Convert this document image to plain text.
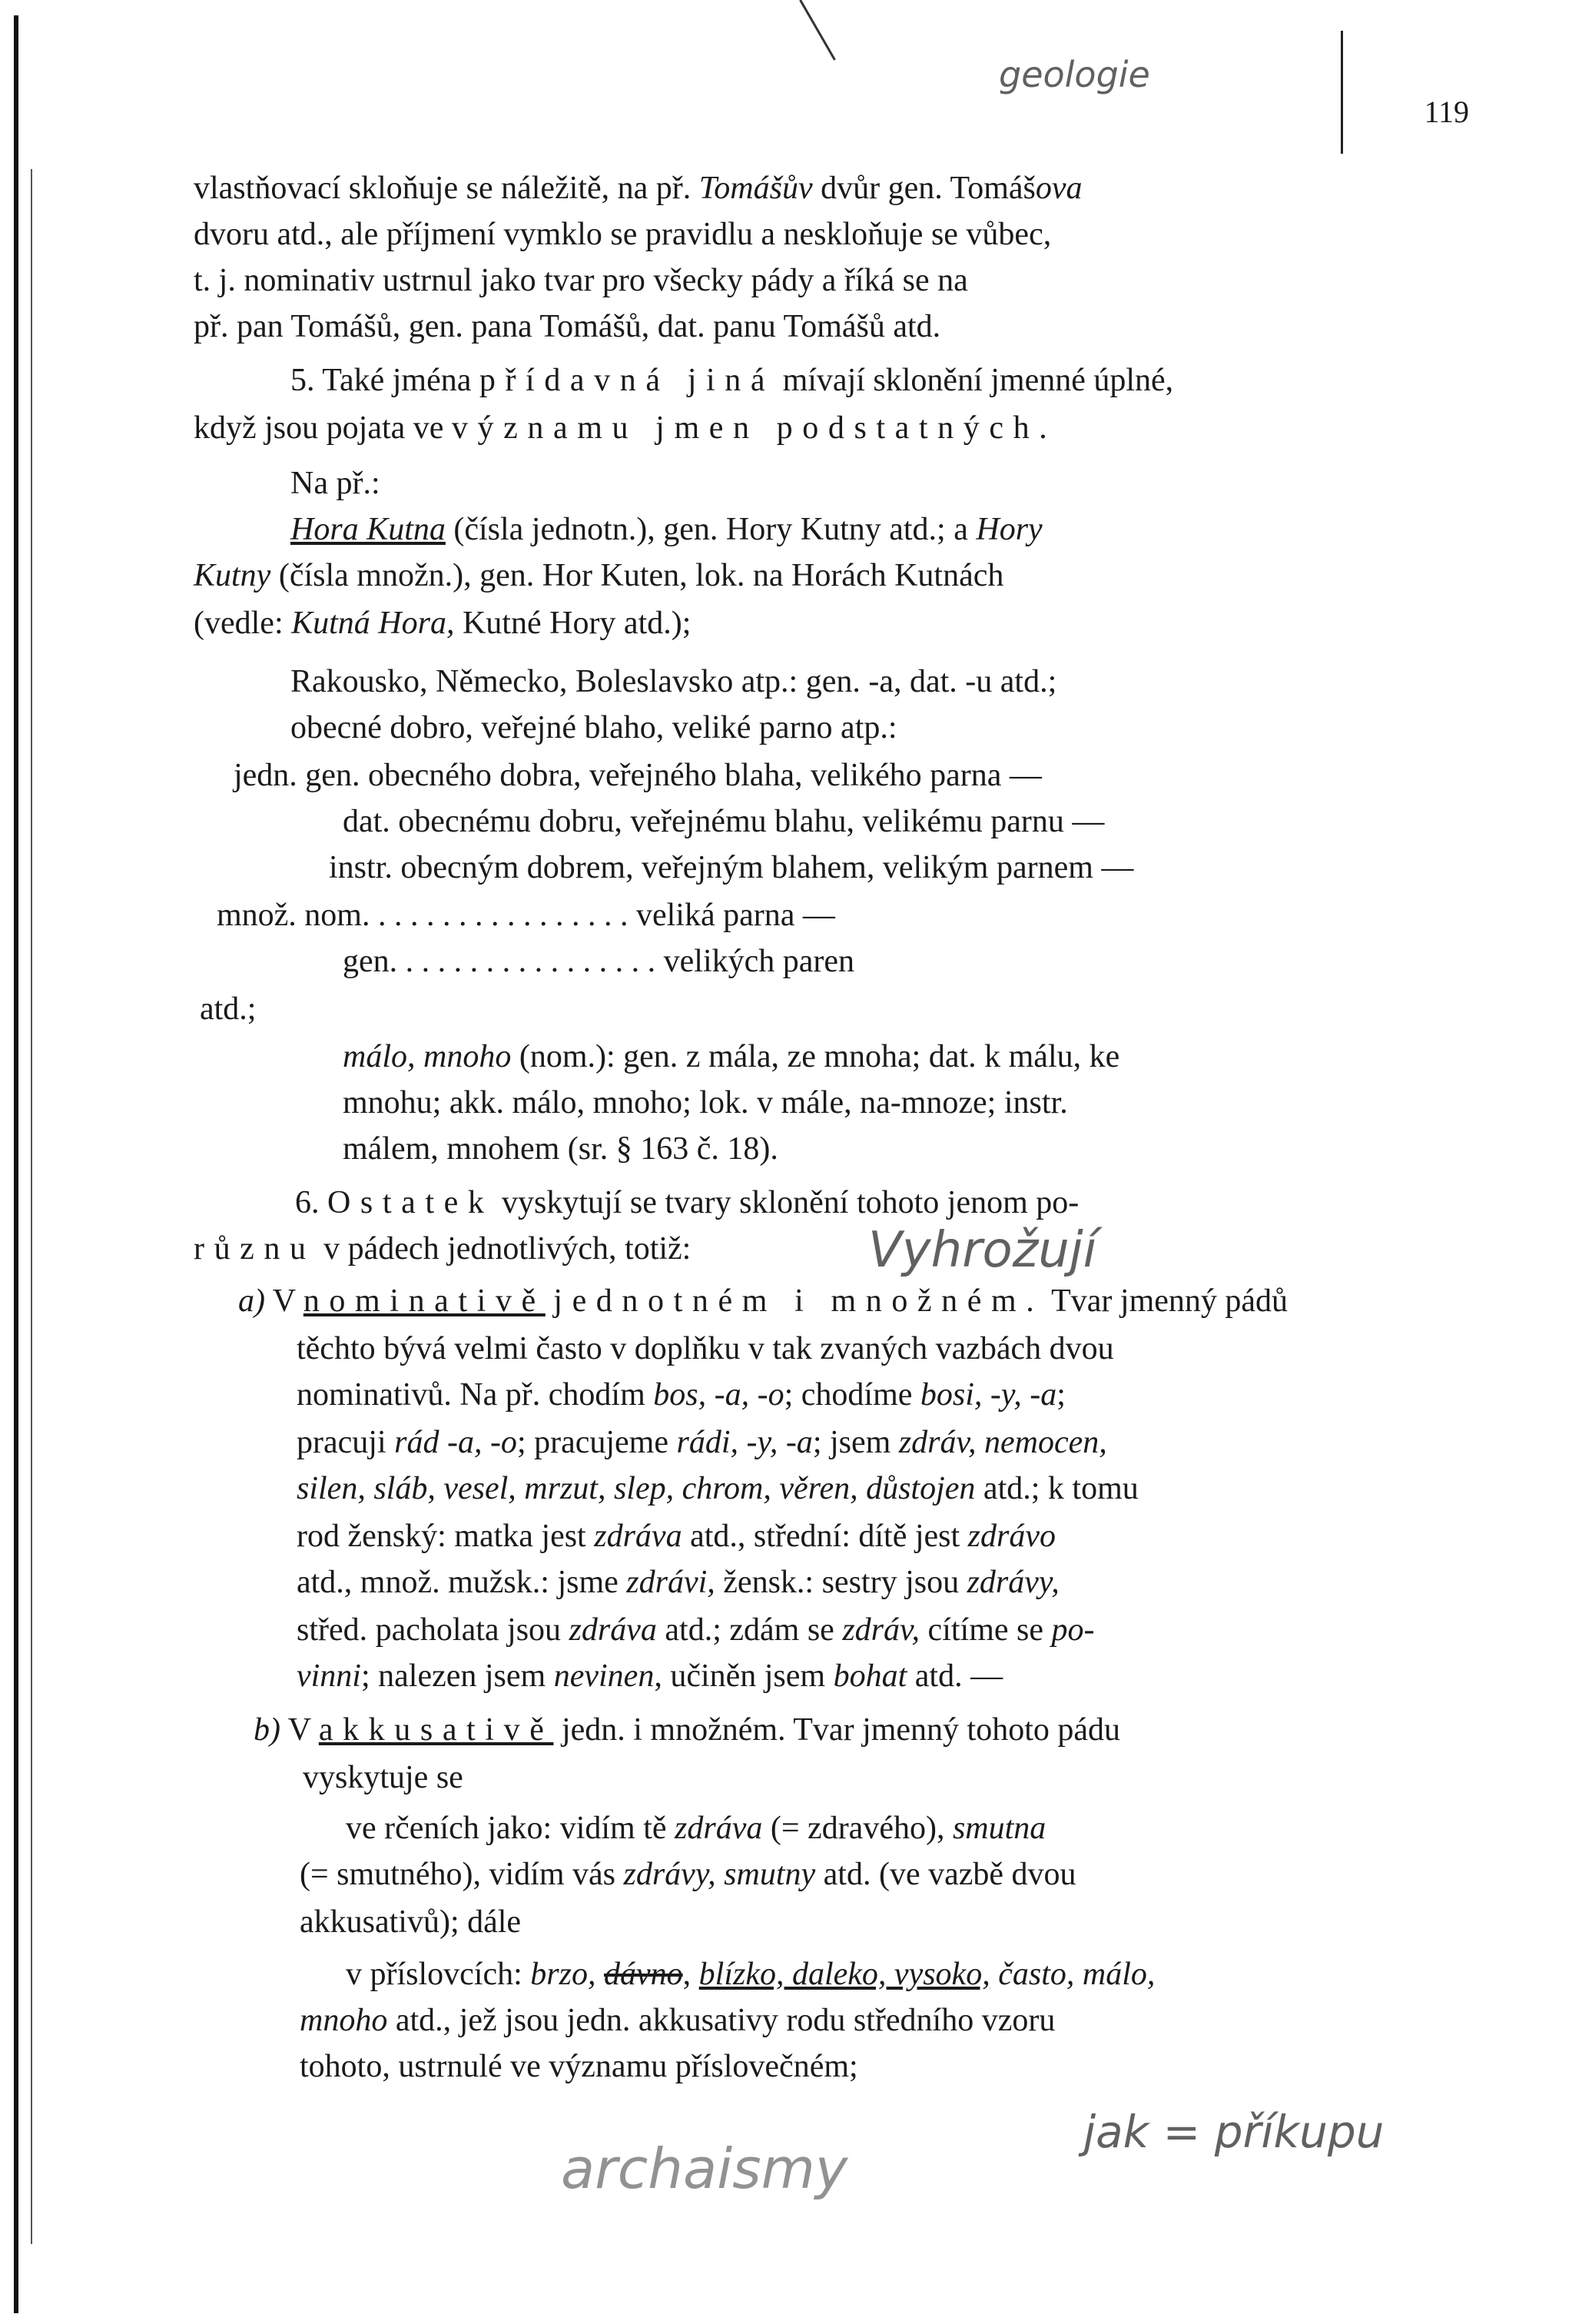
119
geologie
vlastňovací skloňuje se náležitě, na př. Tomášův dvůr gen. Tomášova
dvoru atd., ale příjmení vymklo se pravidlu a neskloňuje se vůbec,
t. j. nominativ ustrnul jako tvar pro všecky pády a říká se na
př. pan Tomášů, gen. pana Tomášů, dat. panu Tomášů atd.
5. Také jména přídavná jiná mívají sklonění jmenné úplné,
když jsou pojata ve významu jmen podstatných.
Na př.:
Hora Kutna (čísla jednotn.), gen. Hory Kutny atd.; a Hory
Kutny (čísla množn.), gen. Hor Kuten, lok. na Horách Kutnách
(vedle: Kutná Hora, Kutné Hory atd.);
Rakousko, Německo, Boleslavsko atp.: gen. -a, dat. -u atd.;
obecné dobro, veřejné blaho, veliké parno atp.:
jedn. gen. obecného dobra, veřejného blaha, velikého parna —
dat. obecnému dobru, veřejnému blahu, velikému parnu —
instr. obecným dobrem, veřejným blahem, velikým parnem —
množ. nom. . . . . . . . . . . . . . . . . veliká parna —
gen. . . . . . . . . . . . . . . . . velikých paren
atd.;
málo, mnoho (nom.): gen. z mála, ze mnoha; dat. k málu, ke
mnohu; akk. málo, mnoho; lok. v mále, na-mnoze; instr.
málem, mnohem (sr. § 163 č. 18).
6. Ostatek vyskytují se tvary sklonění tohoto jenom po-
různu v pádech jednotlivých, totiž:	Vyhrožují
a) V nominativě jednotném i množném. Tvar jmenný pádů
těchto bývá velmi často v doplňku v tak zvaných vazbách dvou
nominativů. Na př. chodím bos, -a, -o; chodíme bosi, -y, -a;
pracuji rád -a, -o; pracujeme rádi, -y, -a; jsem zdráv, nemocen,
silen, sláb, vesel, mrzut, slep, chrom, věren, důstojen atd.; k tomu
rod ženský: matka jest zdráva atd., střední: dítě jest zdrávo
atd., množ. mužsk.: jsme zdrávi, žensk.: sestry jsou zdrávy,
střed. pacholata jsou zdráva atd.; zdám se zdráv, cítíme se po-
vinni; nalezen jsem nevinen, učiněn jsem bohat atd. —
b) V akkusativě jedn. i množném. Tvar jmenný tohoto pádu
vyskytuje se
ve rčeních jako: vidím tě zdráva (= zdravého), smutna
(= smutného), vidím vás zdrávy, smutny atd. (ve vazbě dvou
akkusativů); dále
v příslovcích: brzo, dávno, blízko, daleko, vysoko, často, málo,
mnoho atd., jež jsou jedn. akkusativy rodu středního vzoru
tohoto, ustrnulé ve významu příslovečném;
archaismy
jak = příkupu
